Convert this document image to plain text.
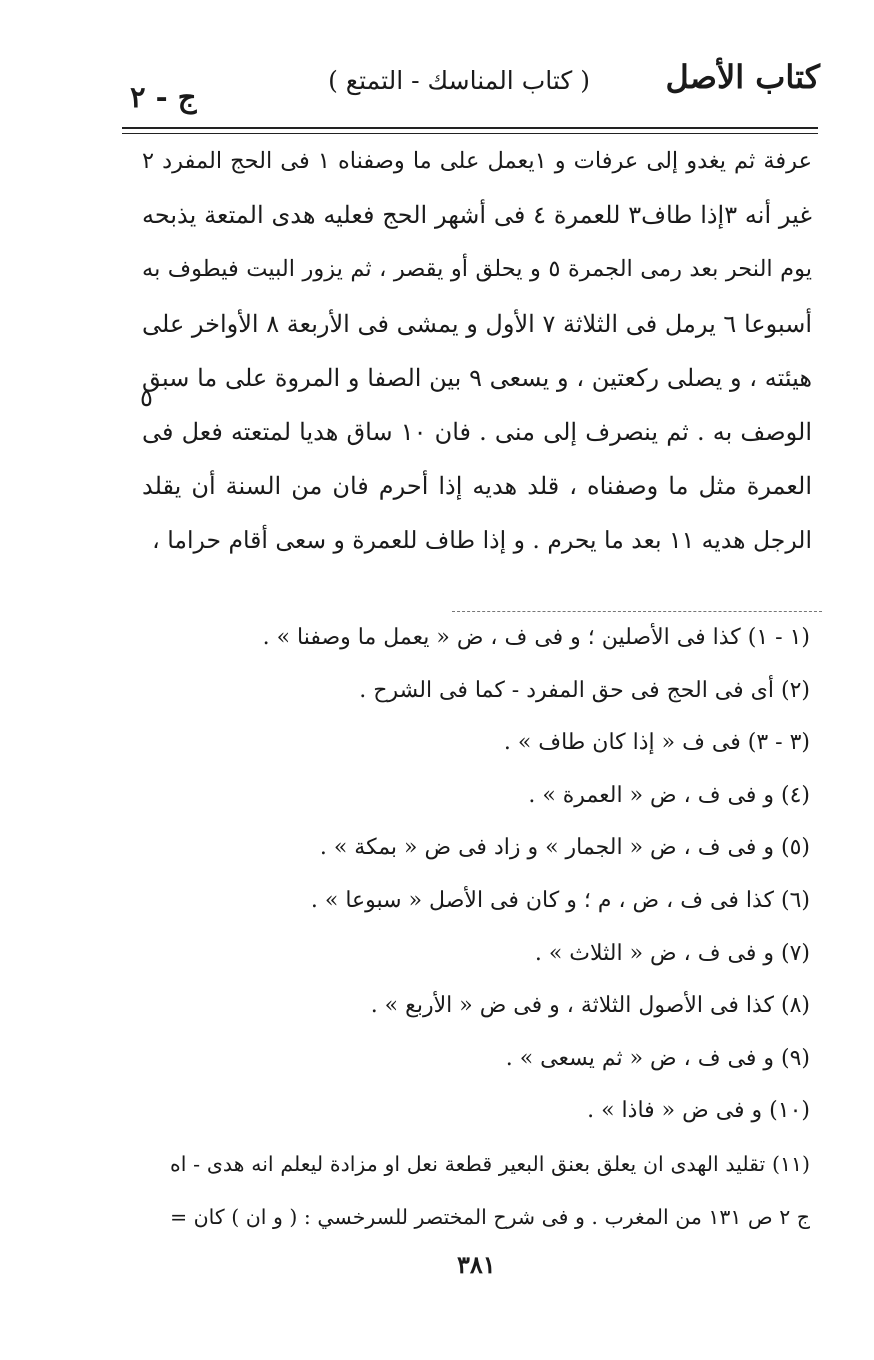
كتاب الأصل
( كتاب المناسك - التمتع )
ج - ٢
عرفة ثم يغدو إلى عرفات و ١يعمل على ما وصفناه ١ فى الحج المفرد ٢
غير أنه ٣إذا طاف٣ للعمرة ٤ فى أشهر الحج فعليه هدى المتعة يذبحه
يوم النحر بعد رمى الجمرة ٥ و يحلق أو يقصر ، ثم يزور البيت فيطوف به
أسبوعا ٦ يرمل فى الثلاثة ٧ الأول و يمشى فى الأربعة ٨ الأواخر على
هيئته ، و يصلى ركعتين ، و يسعى ٩ بين الصفا و المروة على ما سبق
الوصف به . ثم ينصرف إلى منى . فان ١٠ ساق هديا لمتعته فعل فى
العمرة مثل ما وصفناه ، قلد هديه إذا أحرم فان من السنة أن يقلد
الرجل هديه ١١ بعد ما يحرم . و إذا طاف للعمرة و سعى أقام حراما ،
٥
(١ - ١) كذا فى الأصلين ؛ و فى ف ، ض « يعمل ما وصفنا » .
(٢) أى فى الحج فى حق المفرد - كما فى الشرح .
(٣ - ٣) فى ف « إذا كان طاف » .
(٤) و فى ف ، ض « العمرة » .
(٥) و فى ف ، ض « الجمار » و زاد فى ض « بمكة » .
(٦) كذا فى ف ، ض ، م ؛ و كان فى الأصل « سبوعا » .
(٧) و فى ف ، ض « الثلاث » .
(٨) كذا فى الأصول الثلاثة ، و فى ض « الأربع » .
(٩) و فى ف ، ض « ثم يسعى » .
(١٠) و فى ض « فاذا » .
(١١) تقليد الهدى ان يعلق بعنق البعير قطعة نعل او مزادة ليعلم انه هدى - اه
ج ٢ ص ١٣١ من المغرب . و فى شرح المختصر للسرخسي : ( و ان ) كان =
٣٨١
